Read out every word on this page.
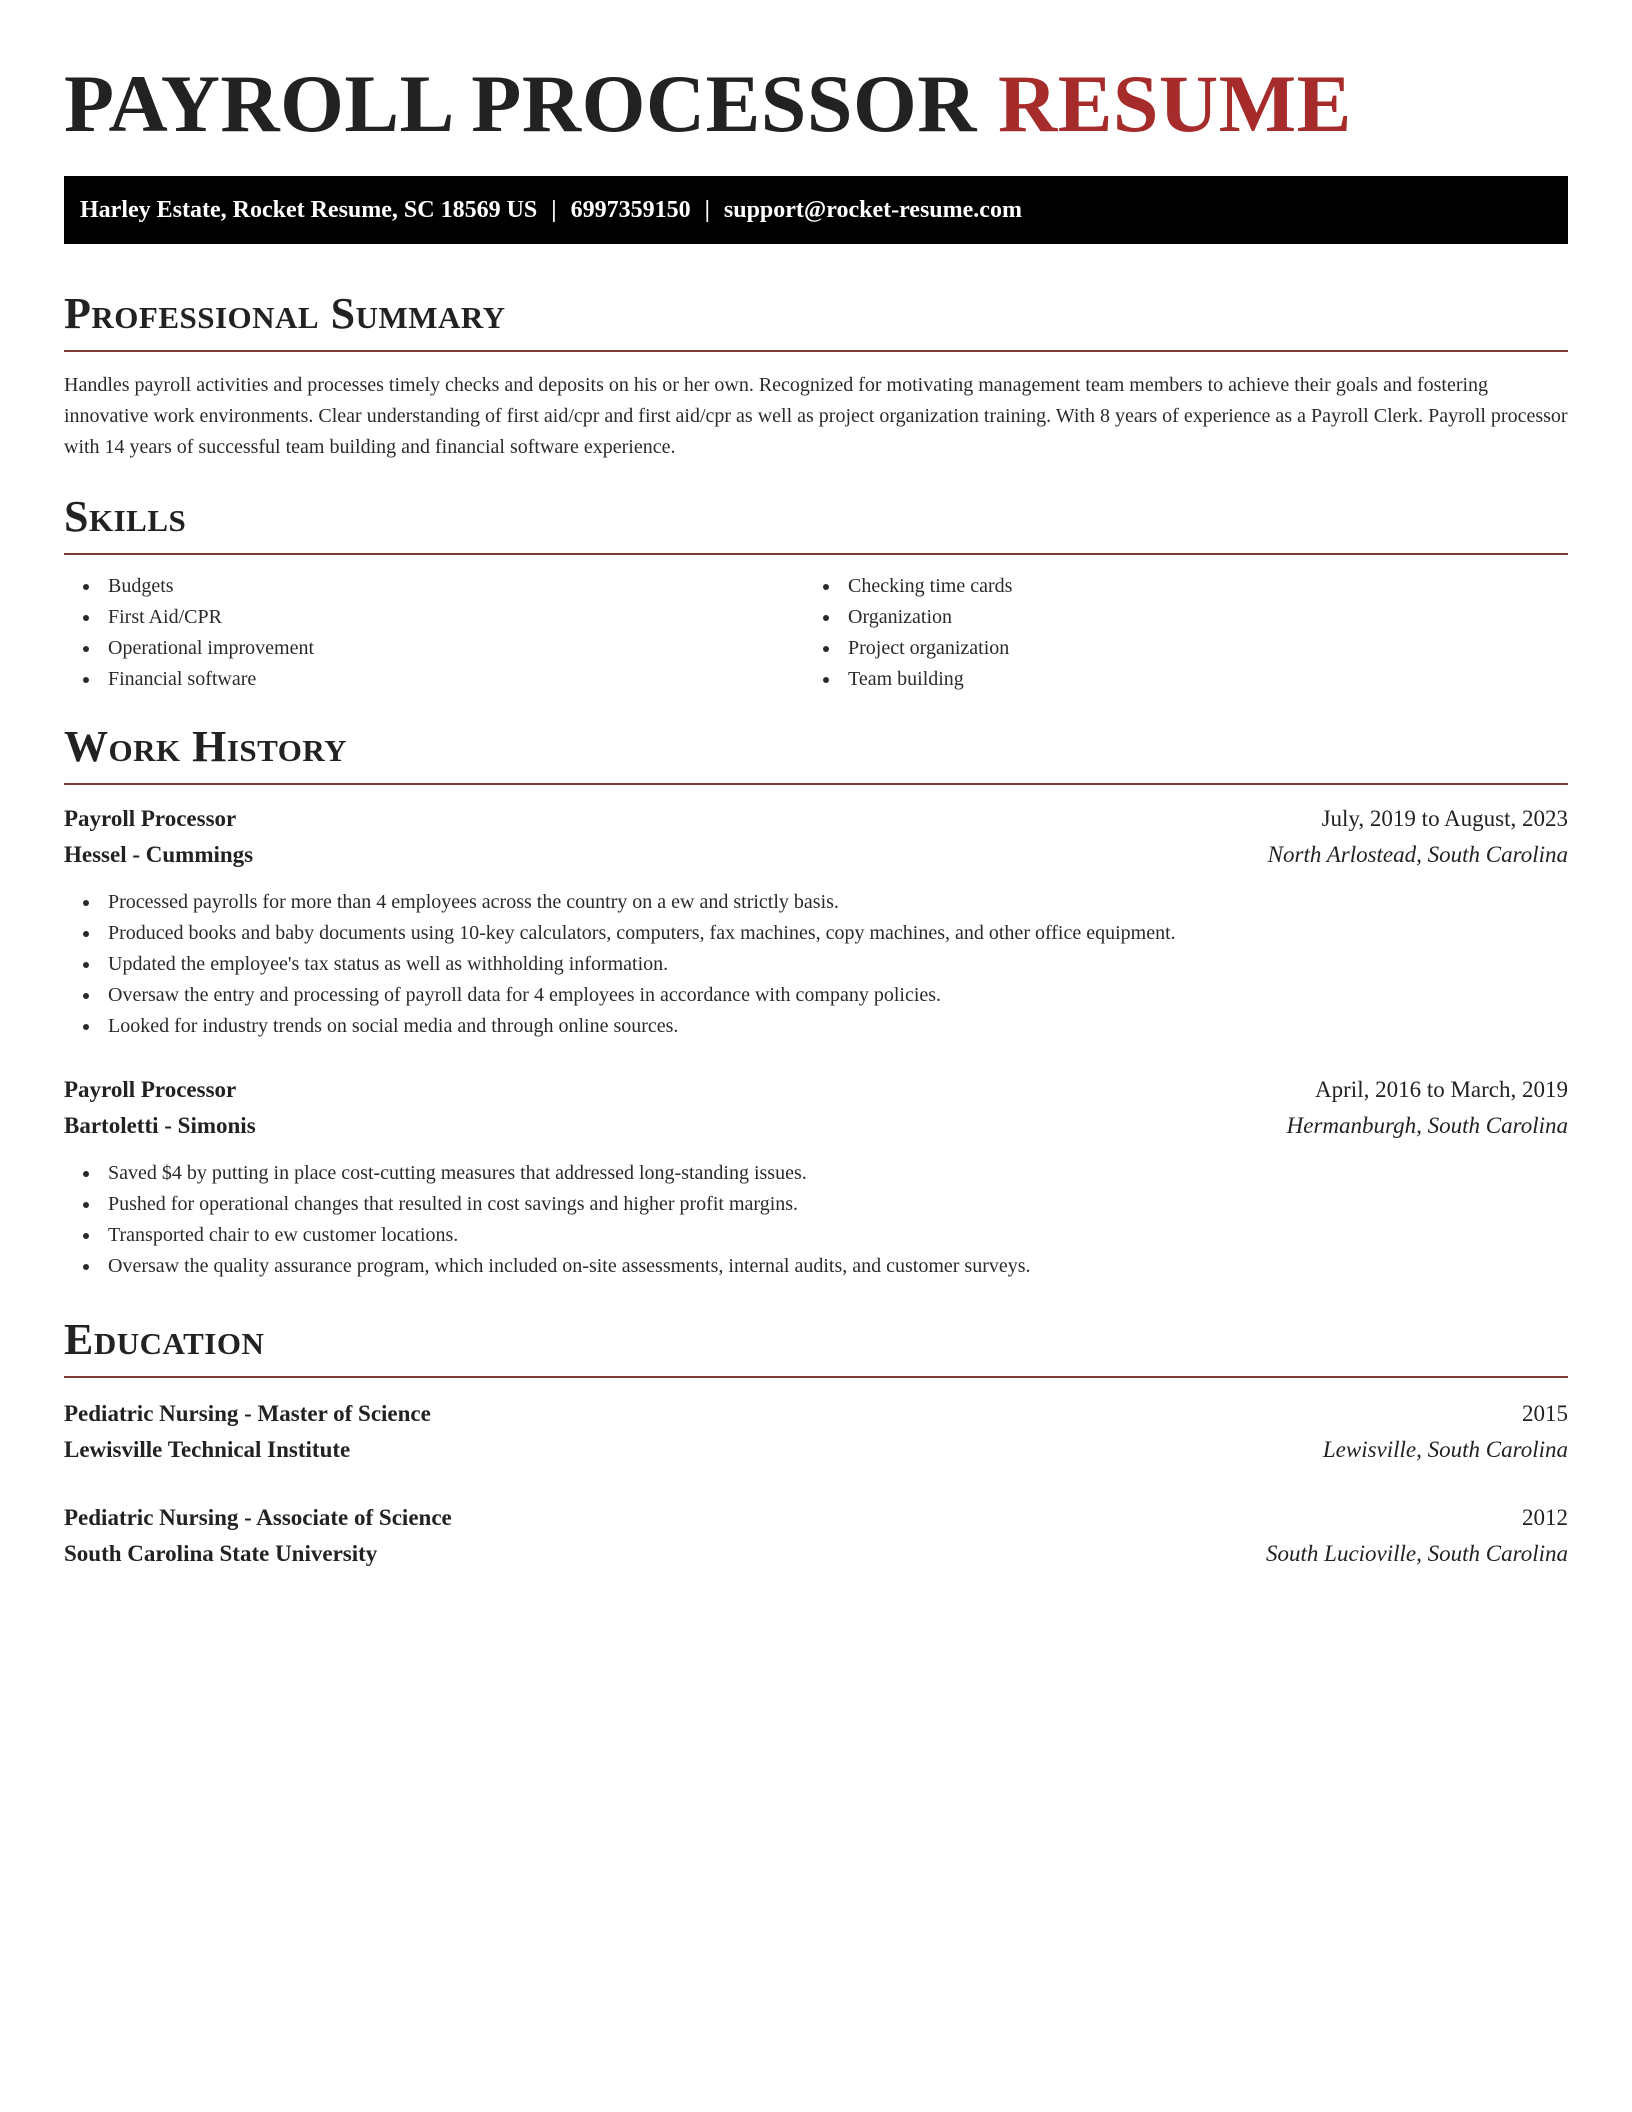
PAYROLL PROCESSOR RESUME
Harley Estate, Rocket Resume, SC 18569 US | 6997359150 | support@rocket-resume.com
Professional Summary

Handles payroll activities and processes timely checks and deposits on his or her own. Recognized for motivating management team members to achieve their goals and fostering innovative work environments. Clear understanding of first aid/cpr and first aid/cpr as well as project organization training. With 8 years of experience as a Payroll Clerk. Payroll processor with 14 years of successful team building and financial software experience.

Skills
Budgets
First Aid/CPR
Operational improvement
Financial software
Checking time cards
Organization
Project organization
Team building
Work History
Payroll Processor	July, 2019 to August, 2023
Hessel - Cummings	North Arlostead, South Carolina
Processed payrolls for more than 4 employees across the country on a ew and strictly basis.
Produced books and baby documents using 10-key calculators, computers, fax machines, copy machines, and other office equipment.
Updated the employee's tax status as well as withholding information.
Oversaw the entry and processing of payroll data for 4 employees in accordance with company policies.
Looked for industry trends on social media and through online sources.
Payroll Processor	April, 2016 to March, 2019
Bartoletti - Simonis	Hermanburgh, South Carolina
Saved $4 by putting in place cost-cutting measures that addressed long-standing issues.
Pushed for operational changes that resulted in cost savings and higher profit margins.
Transported chair to ew customer locations.
Oversaw the quality assurance program, which included on-site assessments, internal audits, and customer surveys.
Education
Pediatric Nursing - Master of Science	2015
Lewisville Technical Institute	Lewisville, South Carolina
Pediatric Nursing - Associate of Science	2012
South Carolina State University	South Lucioville, South Carolina
